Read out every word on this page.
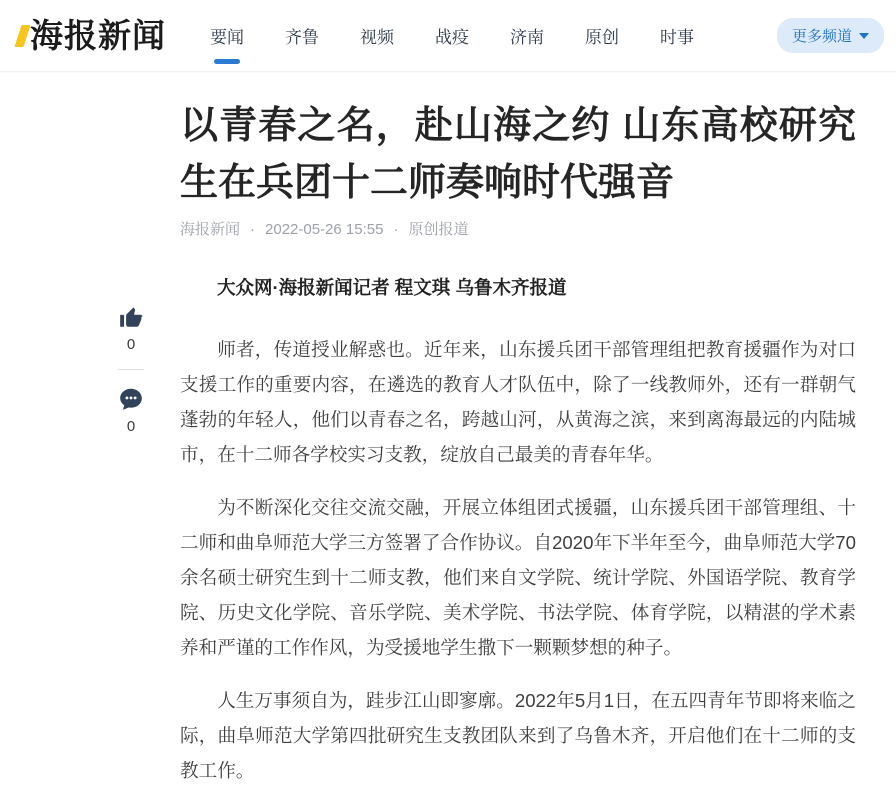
海报新闻	要闻 齐鲁 视频 战疫 济南 原创 时事	更多频道
0
0
以青春之名，赴山海之约 山东高校研究生在兵团十二师奏响时代强音
海报新闻 · 2022-05-26 15:55 · 原创报道

大众网·海报新闻记者 程文琪 乌鲁木齐报道

师者，传道授业解惑也。近年来，山东援兵团干部管理组把教育援疆作为对口支援工作的重要内容，在遴选的教育人才队伍中，除了一线教师外，还有一群朝气蓬勃的年轻人，他们以青春之名，跨越山河，从黄海之滨，来到离海最远的内陆城市，在十二师各学校实习支教，绽放自己最美的青春年华。

为不断深化交往交流交融，开展立体组团式援疆，山东援兵团干部管理组、十二师和曲阜师范大学三方签署了合作协议。自2020年下半年至今，曲阜师范大学70余名硕士研究生到十二师支教，他们来自文学院、统计学院、外国语学院、教育学院、历史文化学院、音乐学院、美术学院、书法学院、体育学院，以精湛的学术素养和严谨的工作作风，为受援地学生撒下一颗颗梦想的种子。

人生万事须自为，跬步江山即寥廓。2022年5月1日，在五四青年节即将来临之际，曲阜师范大学第四批研究生支教团队来到了乌鲁木齐，开启他们在十二师的支教工作。
